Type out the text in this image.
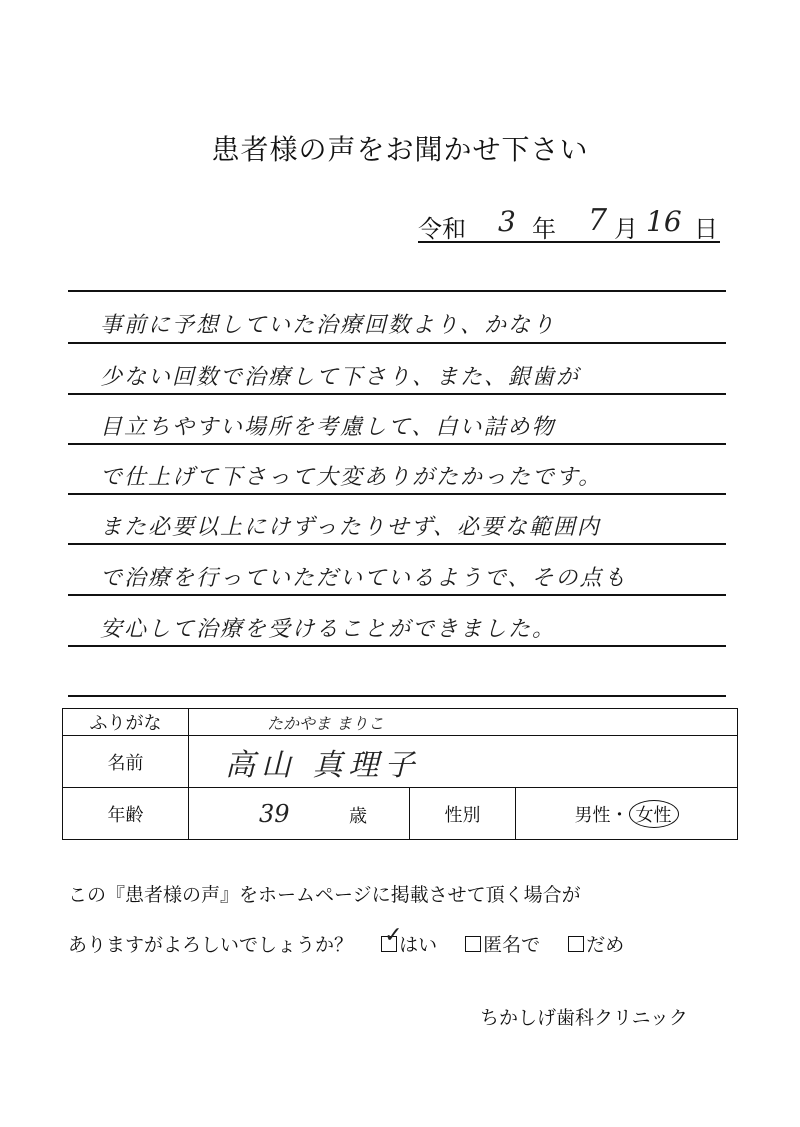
患者様の声をお聞かせ下さい
令和 3 年 7 月 16 日
事前に予想していた治療回数より、かなり
少ない回数で治療して下さり、また、銀歯が
目立ちやすい場所を考慮して、白い詰め物
で仕上げて下さって大変ありがたかったです。
また必要以上にけずったりせず、必要な範囲内
で治療を行っていただいているようで、その点も
安心して治療を受けることができました。
ふりがな	たかやま まりこ		
名前	高山 真理子		
年齢	39 歳	性別	男性・ 女性
この『患者様の声』をホームページに掲載させて頂く場合が
ありますがよろしいでしょうか？ ✓
はい 匿名で だめ
ちかしげ歯科クリニック
